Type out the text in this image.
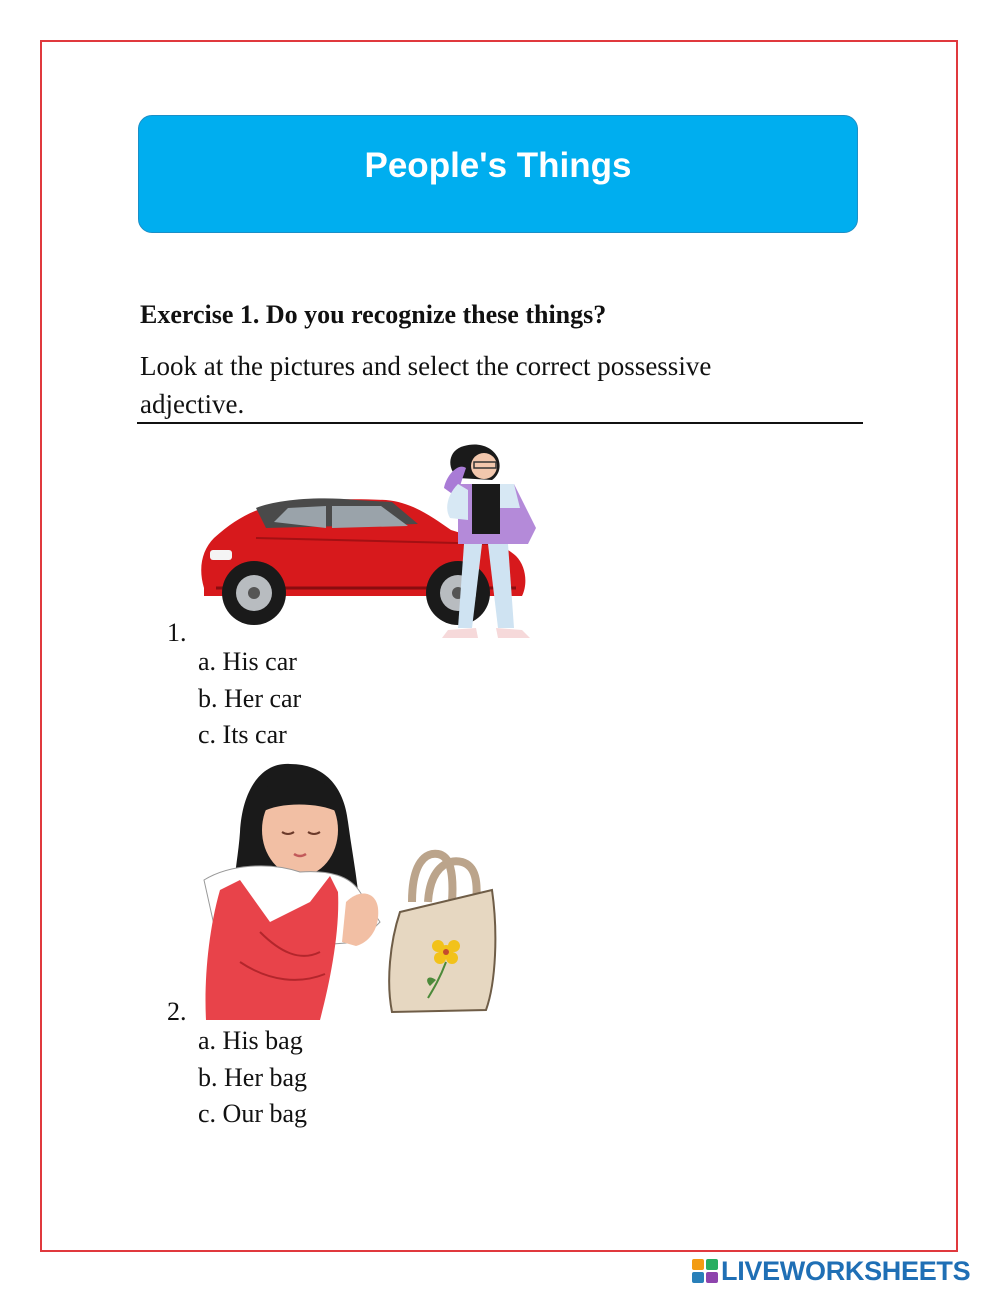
People's Things
Exercise 1. Do you recognize these things?
Look at the pictures and select the correct possessive adjective.
1.
a. His car
b. Her car
c. Its car
2.
a. His bag
b. Her bag
c. Our bag
LIVEWORKSHEETS
